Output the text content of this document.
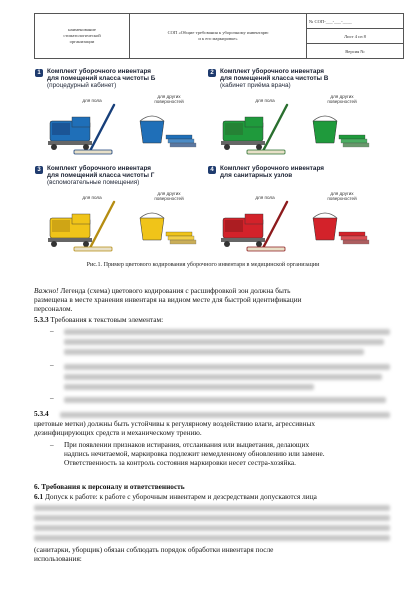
наименование
стоматологической
организации

СОП «Общие требования к уборочному инвентарю
и к его маркировке»
	№ СОП-___-___-____
Лист 4 из 8
Версия №
1 Комплект уборочного инвентаря
для помещений класса чистоты Б
(процедурный кабинет)
для пола
для других
поверхностей
2 Комплект уборочного инвентаря
для помещений класса чистоты В
(кабинет приёма врача)
для пола
для других
поверхностей
3 Комплект уборочного инвентаря
для помещений класса чистоты Г
(вспомогательные помещения)
для пола
для других
поверхностей
4 Комплект уборочного инвентаря
для санитарных узлов
для пола
для других
поверхностей
Рис.1. Пример цветового кодирования уборочного инвентаря в медицинской организации
Важно! Легенда (схема) цветового кодирования с расшифровкой зон должна быть
размещена в месте хранения инвентаря на видном месте для быстрой идентификации
персоналом.
5.3.3 Требования к текстовым элементам:
–
–
–
5.3.4
цветовые метки) должны быть устойчивы к регулярному воздействию влаги, агрессивных
дезинфицирующих средств и механическому трению.
– При появлении признаков истирания, отслаивания или выцветания, делающих
надпись нечитаемой, маркировка подлежит немедленному обновлению или замене.
Ответственность за контроль состояния маркировки несет сестра-хозяйка.
6. Требования к персоналу и ответственность
6.1 Допуск к работе: к работе с уборочным инвентарем и дезсредствами допускаются лица
(санитарки, уборщик) обязан соблюдать порядок обработки инвентаря после
использования:
